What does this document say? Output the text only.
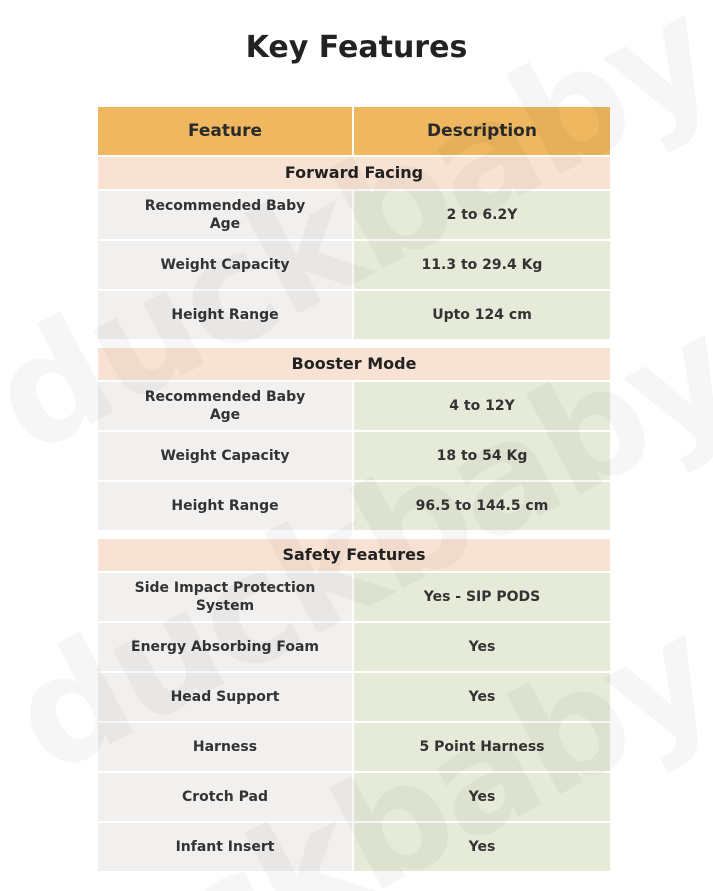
Key Features
Feature	Description
Forward Facing	
Recommended Baby Age	2 to 6.2Y
Weight Capacity	11.3 to 29.4 Kg
Height Range	Upto 124 cm

Booster Mode	
Recommended Baby Age	4 to 12Y
Weight Capacity	18 to 54 Kg
Height Range	96.5 to 144.5 cm

Safety Features	
Side Impact Protection System	Yes - SIP PODS
Energy Absorbing Foam	Yes
Head Support	Yes
Harness	5 Point Harness
Crotch Pad	Yes
Infant Insert	Yes
